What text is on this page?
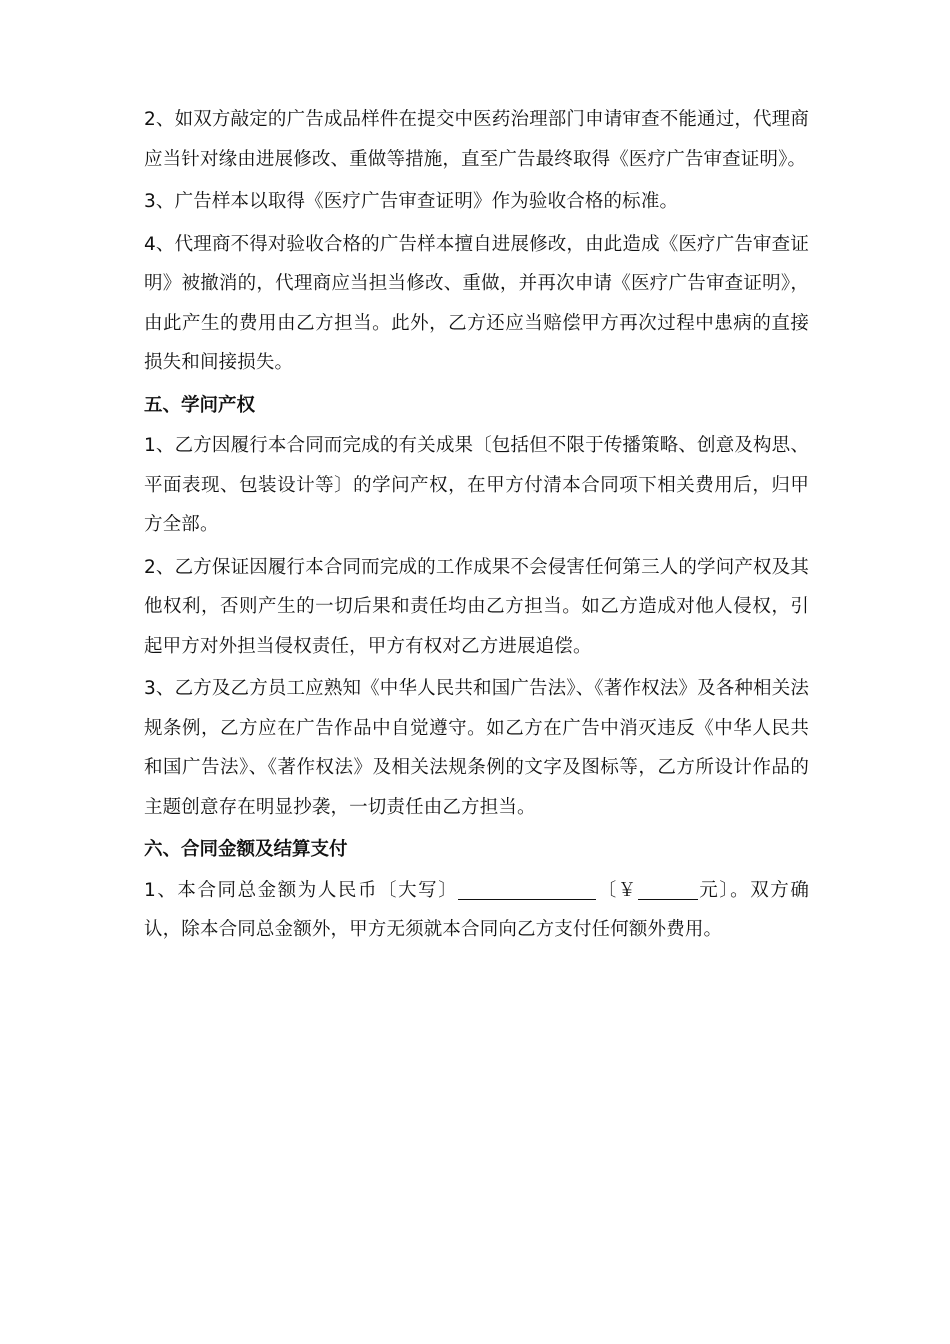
2、如双方敲定的广告成品样件在提交中医药治理部门申请审查不能通过，代理商应当针对缘由进展修改、重做等措施，直至广告最终取得《医疗广告审查证明》。

3、广告样本以取得《医疗广告审查证明》作为验收合格的标准。

4、代理商不得对验收合格的广告样本擅自进展修改，由此造成《医疗广告审查证明》被撤消的，代理商应当担当修改、重做，并再次申请《医疗广告审查证明》，由此产生的费用由乙方担当。此外，乙方还应当赔偿甲方再次过程中患病的直接损失和间接损失。

五、学问产权

1、乙方因履行本合同而完成的有关成果〔包括但不限于传播策略、创意及构思、平面表现、包装设计等〕的学问产权，在甲方付清本合同项下相关费用后，归甲方全部。

2、乙方保证因履行本合同而完成的工作成果不会侵害任何第三人的学问产权及其他权利，否则产生的一切后果和责任均由乙方担当。如乙方造成对他人侵权，引起甲方对外担当侵权责任，甲方有权对乙方进展追偿。

3、乙方及乙方员工应熟知《中华人民共和国广告法》、《著作权法》及各种相关法规条例，乙方应在广告作品中自觉遵守。如乙方在广告中消灭违反《中华人民共和国广告法》、《著作权法》及相关法规条例的文字及图标等，乙方所设计作品的主题创意存在明显抄袭，一切责任由乙方担当。

六、合同金额及结算支付

1、本合同总金额为人民币〔大写〕	〔￥	元〕。双方确认，除本合同总金额外，甲方无须就本合同向乙方支付任何额外费用。
